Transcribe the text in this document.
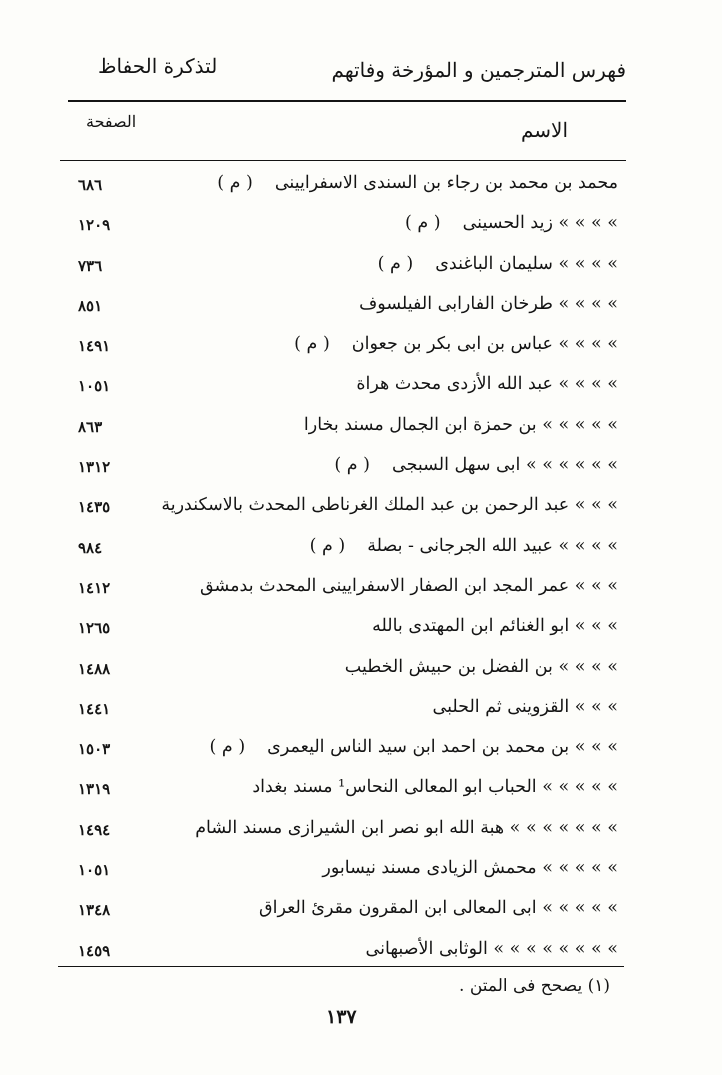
فهرس المترجمين و المؤرخة وفاتهم
لتذكرة الحفاظ
الاسم
الصفحة
محمد بن محمد بن رجاء بن السندى الاسفرايينى( م )
٦٨٦
» » » » زيد الحسينى( م )
١٢٠٩
» » » » سليمان الباغندى( م )
٧٣٦
» » » » طرخان الفارابى الفيلسوف
٨٥١
» » » » عباس بن ابى بكر بن جعوان( م )
١٤٩١
» » » » عبد الله الأزدى محدث هراة
١٠٥١
» » » » » بن حمزة ابن الجمال مسند بخارا
٨٦٣
» » » » » » ابى سهل السبجى( م )
١٣١٢
» » » عبد الرحمن بن عبد الملك الغرناطى المحدث بالاسكندرية
١٤٣٥
» » » » عبيد الله الجرجانى - بصلة( م )
٩٨٤
» » » عمر المجد ابن الصفار الاسفرايينى المحدث بدمشق
١٤١٢
» » » ابو الغنائم ابن المهتدى بالله
١٢٦٥
» » » » بن الفضل بن حبيش الخطيب
١٤٨٨
» » » القزوينى ثم الحلبى
١٤٤١
» » » بن محمد بن احمد ابن سيد الناس اليعمرى( م )
١٥٠٣
» » » » » الحباب ابو المعالى النحاس¹ مسند بغداد
١٣١٩
» » » » » » » هبة الله ابو نصر ابن الشيرازى مسند الشام
١٤٩٤
» » » » » محمش الزيادى مسند نيسابور
١٠٥١
» » » » » ابى المعالى ابن المقرون مقرئ العراق
١٣٤٨
» » » » » » » » الوثابى الأصبهانى
١٤٥٩
(١) يصحح فى المتن .
١٣٧
